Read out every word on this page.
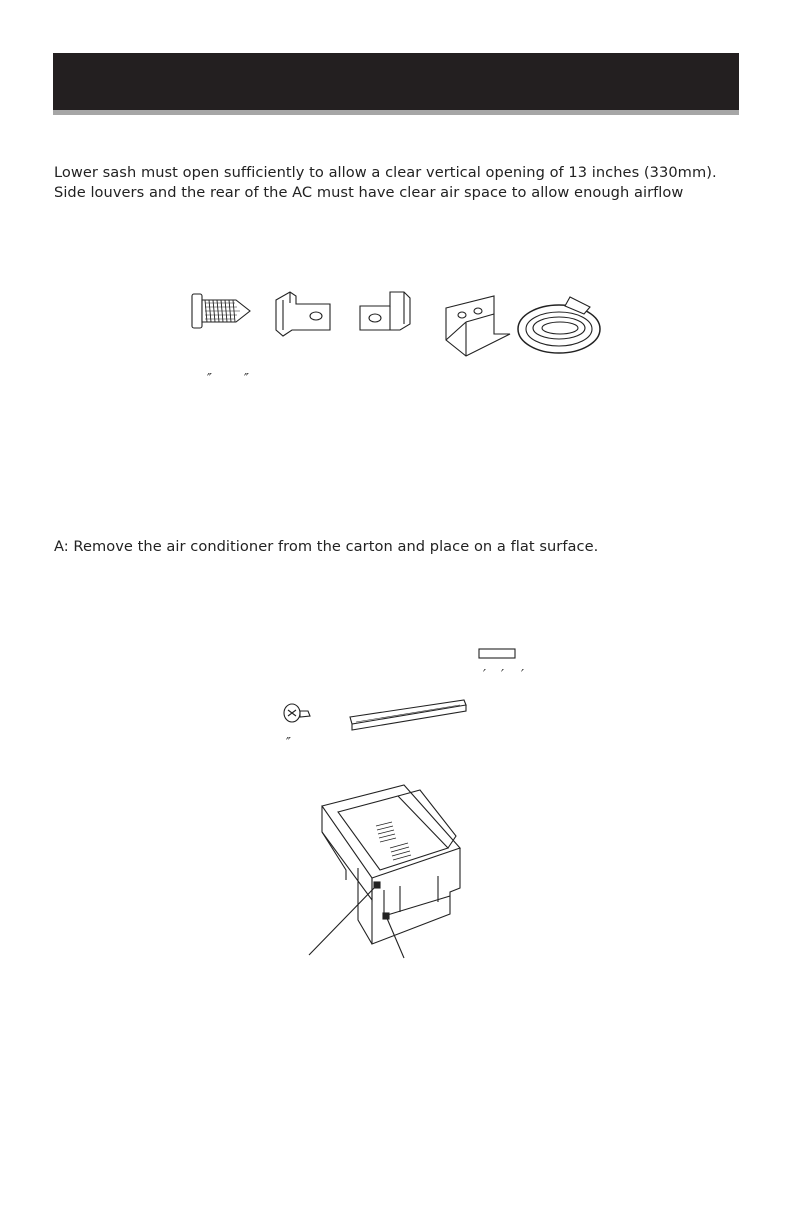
Lower sash must open sufficiently to allow a clear vertical opening of 13 inches (330mm).
Side louvers and the rear of the AC must have clear air space to allow enough airflow
″ ″
A: Remove the air conditioner from the carton and place on a flat surface.
′ ′ ′
″
